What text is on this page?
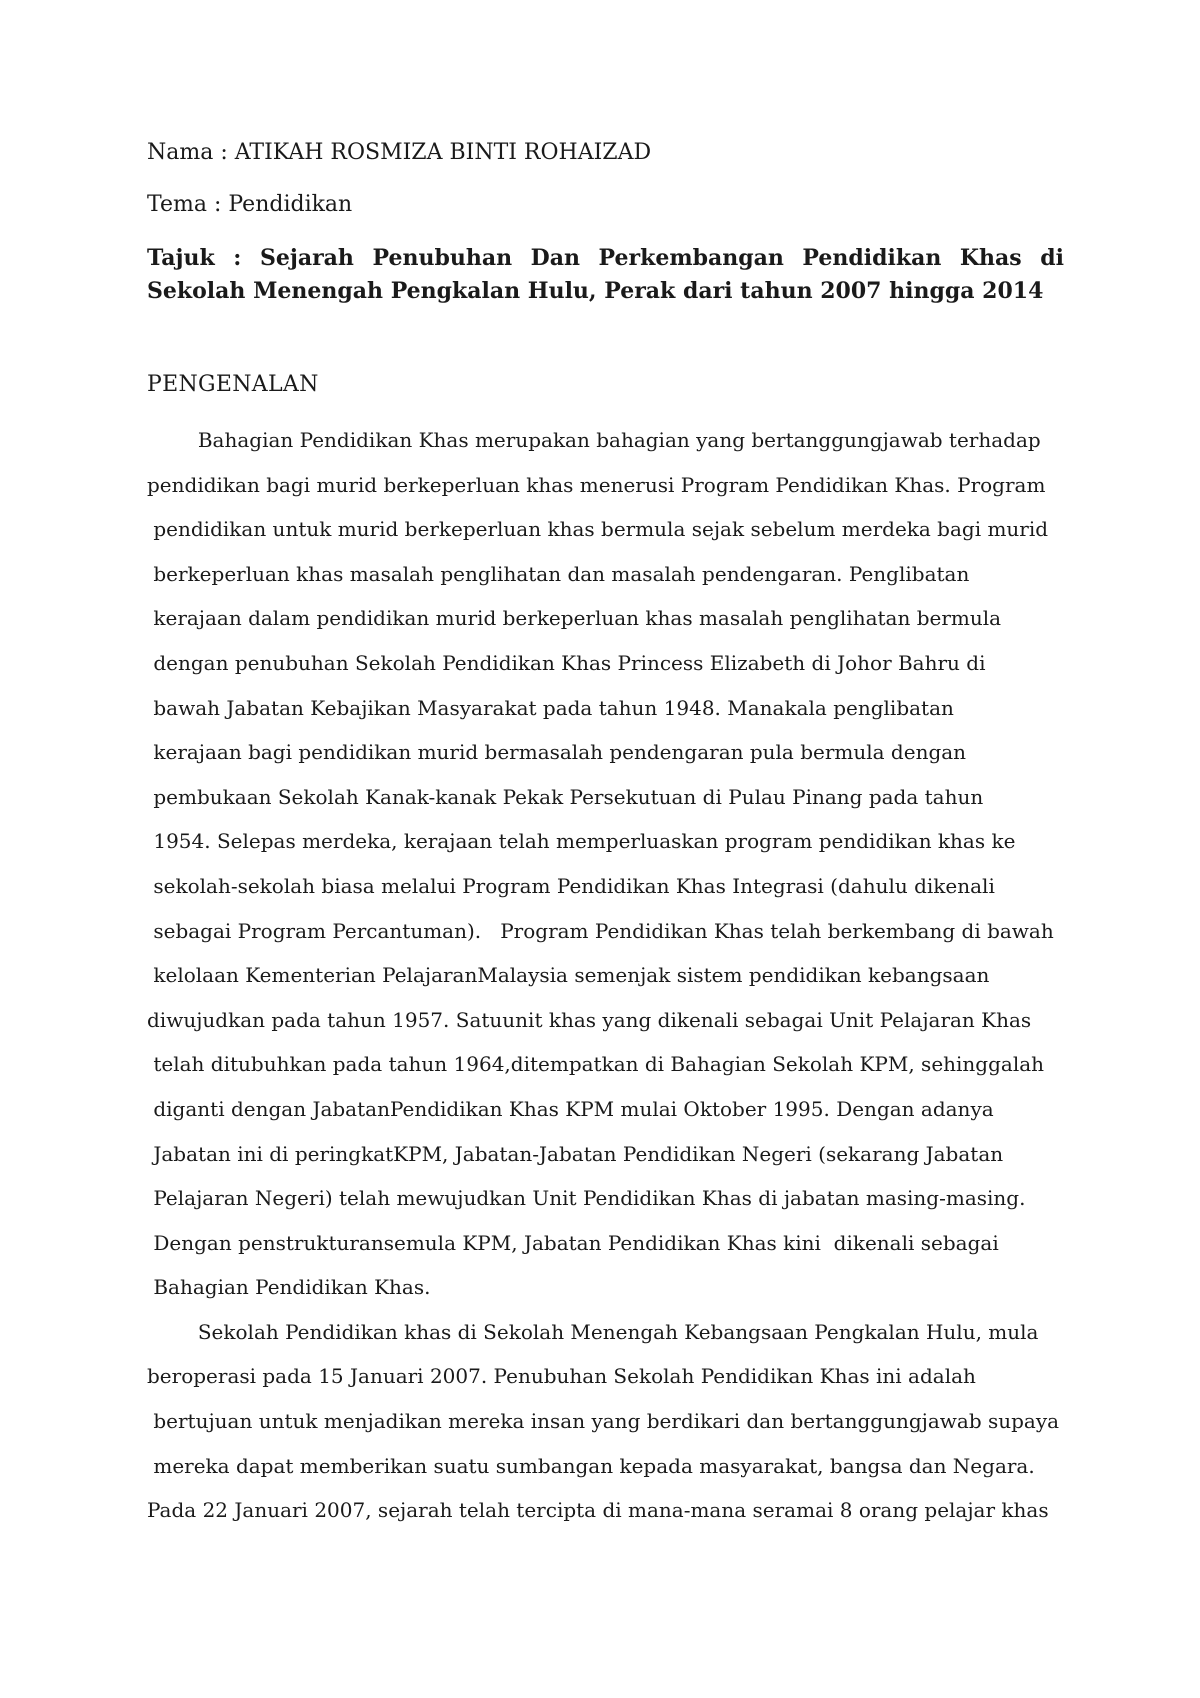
Nama : ATIKAH ROSMIZA BINTI ROHAIZAD

Tema : Pendidikan

Tajuk : Sejarah Penubuhan Dan Perkembangan Pendidikan Khas di Sekolah Menengah Pengkalan Hulu, Perak dari tahun 2007 hingga 2014

PENGENALAN
Bahagian Pendidikan Khas merupakan bahagian yang bertanggungjawab terhadap
pendidikan bagi murid berkeperluan khas menerusi Program Pendidikan Khas. Program
pendidikan untuk murid berkeperluan khas bermula sejak sebelum merdeka bagi murid
berkeperluan khas masalah penglihatan dan masalah pendengaran. Penglibatan
kerajaan dalam pendidikan murid berkeperluan khas masalah penglihatan bermula
dengan penubuhan Sekolah Pendidikan Khas Princess Elizabeth di Johor Bahru di
bawah Jabatan Kebajikan Masyarakat pada tahun 1948. Manakala penglibatan
kerajaan bagi pendidikan murid bermasalah pendengaran pula bermula dengan
pembukaan Sekolah Kanak-kanak Pekak Persekutuan di Pulau Pinang pada tahun
1954. Selepas merdeka, kerajaan telah memperluaskan program pendidikan khas ke
sekolah-sekolah biasa melalui Program Pendidikan Khas Integrasi (dahulu dikenali
sebagai Program Percantuman).   Program Pendidikan Khas telah berkembang di bawah
kelolaan Kementerian PelajaranMalaysia semenjak sistem pendidikan kebangsaan
diwujudkan pada tahun 1957. Satuunit khas yang dikenali sebagai Unit Pelajaran Khas
telah ditubuhkan pada tahun 1964,ditempatkan di Bahagian Sekolah KPM, sehinggalah
diganti dengan JabatanPendidikan Khas KPM mulai Oktober 1995. Dengan adanya
Jabatan ini di peringkatKPM, Jabatan-Jabatan Pendidikan Negeri (sekarang Jabatan
Pelajaran Negeri) telah mewujudkan Unit Pendidikan Khas di jabatan masing-masing.
Dengan penstrukturansemula KPM, Jabatan Pendidikan Khas kini  dikenali sebagai
Bahagian Pendidikan Khas.
Sekolah Pendidikan khas di Sekolah Menengah Kebangsaan Pengkalan Hulu, mula
beroperasi pada 15 Januari 2007. Penubuhan Sekolah Pendidikan Khas ini adalah
bertujuan untuk menjadikan mereka insan yang berdikari dan bertanggungjawab supaya
mereka dapat memberikan suatu sumbangan kepada masyarakat, bangsa dan Negara.
Pada 22 Januari 2007, sejarah telah tercipta di mana-mana seramai 8 orang pelajar khas
